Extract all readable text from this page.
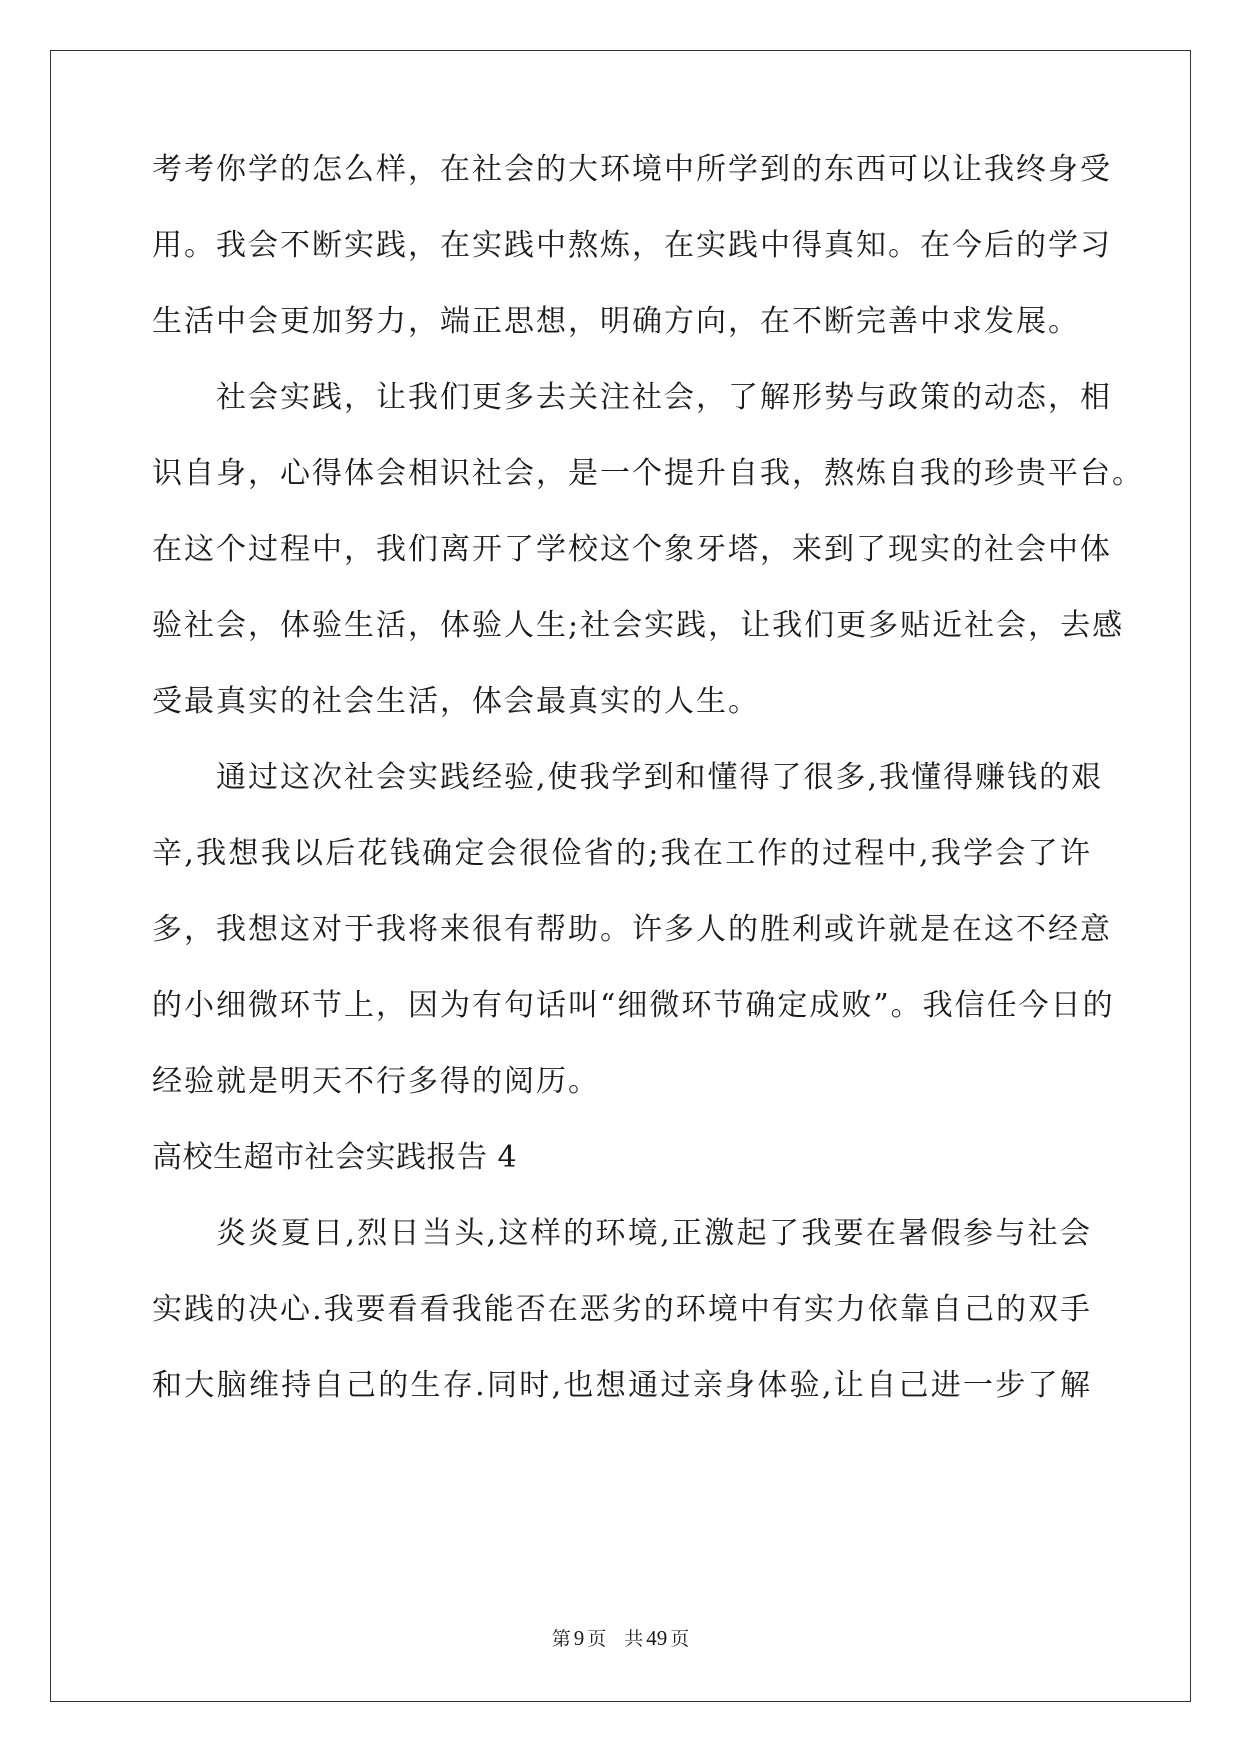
考考你学的怎么样，在社会的大环境中所学到的东西可以让我终身受
用。我会不断实践，在实践中熬炼，在实践中得真知。在今后的学习
生活中会更加努力，端正思想，明确方向，在不断完善中求发展。
社会实践，让我们更多去关注社会，了解形势与政策的动态，相
识自身，心得体会相识社会，是一个提升自我，熬炼自我的珍贵平台。
在这个过程中，我们离开了学校这个象牙塔，来到了现实的社会中体
验社会，体验生活，体验人生;社会实践，让我们更多贴近社会，去感
受最真实的社会生活，体会最真实的人生。
通过这次社会实践经验,使我学到和懂得了很多,我懂得赚钱的艰
辛,我想我以后花钱确定会很俭省的;我在工作的过程中,我学会了许
多，我想这对于我将来很有帮助。许多人的胜利或许就是在这不经意
的小细微环节上，因为有句话叫“细微环节确定成败”。我信任今日的
经验就是明天不行多得的阅历。
高校生超市社会实践报告 4
炎炎夏日,烈日当头,这样的环境,正激起了我要在暑假参与社会
实践的决心.我要看看我能否在恶劣的环境中有实力依靠自己的双手
和大脑维持自己的生存.同时,也想通过亲身体验,让自己进一步了解
第 9 页 共 49 页
